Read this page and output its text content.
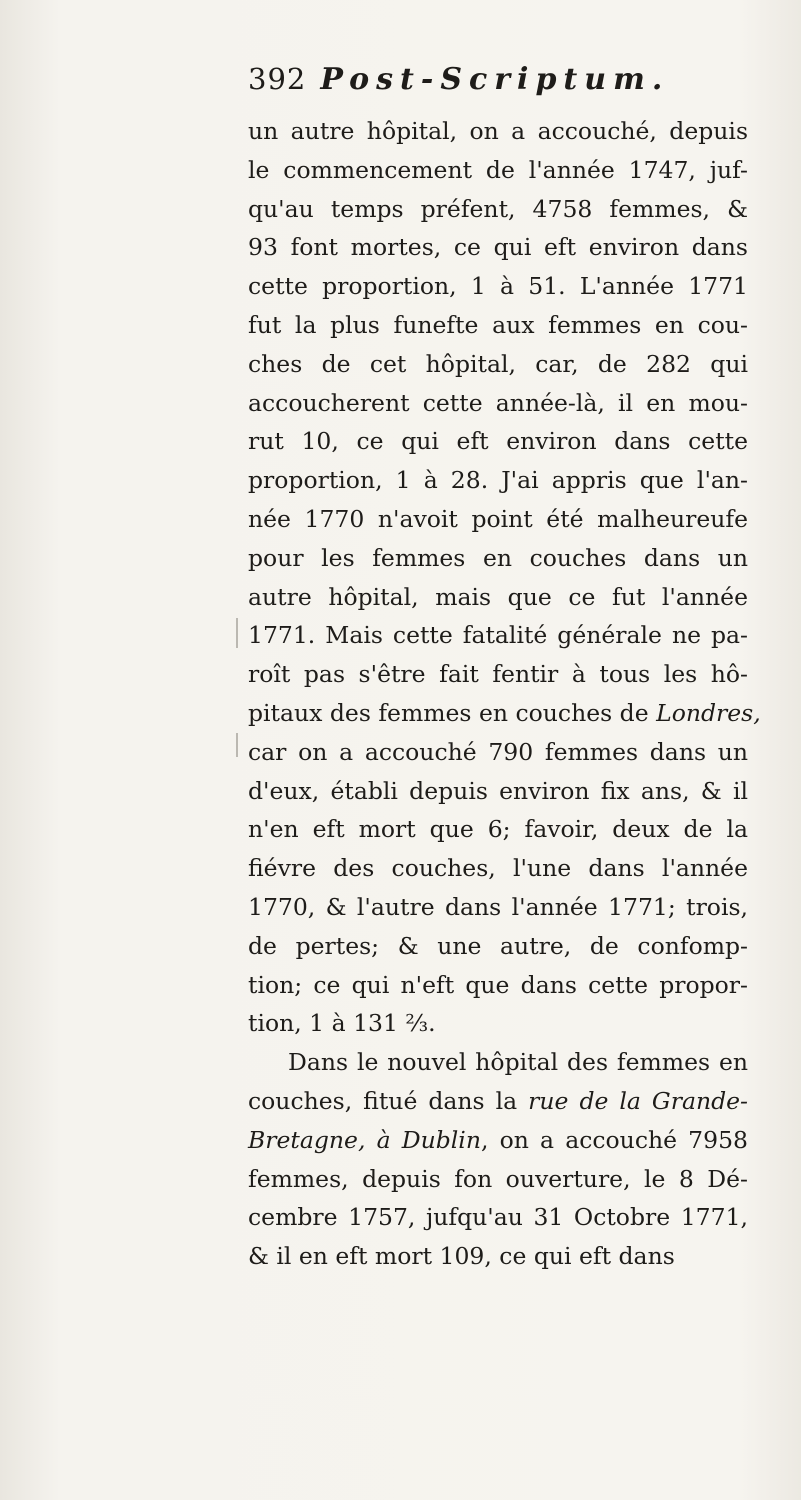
392 Post-Scriptum.
un autre hôpital, on a accouché, depuis
le commencement de l'année 1747, juf-
qu'au temps préfent, 4758 femmes, &
93 font mortes, ce qui eft environ dans
cette proportion, 1 à 51. L'année 1771
fut la plus funefte aux femmes en cou-
ches de cet hôpital, car, de 282 qui
accoucherent cette année-là, il en mou-
rut 10, ce qui eft environ dans cette
proportion, 1 à 28. J'ai appris que l'an-
née 1770 n'avoit point été malheureufe
pour les femmes en couches dans un
autre hôpital, mais que ce fut l'année
1771. Mais cette fatalité générale ne pa-
roît pas s'être fait fentir à tous les hô-
pitaux des femmes en couches de Londres,
car on a accouché 790 femmes dans un
d'eux, établi depuis environ fix ans, & il
n'en eft mort que 6; favoir, deux de la
fiévre des couches, l'une dans l'année
1770, & l'autre dans l'année 1771; trois,
de pertes; & une autre, de confomp-
tion; ce qui n'eft que dans cette propor-
tion, 1 à 131 ⅔.
Dans le nouvel hôpital des femmes en
couches, fitué dans la rue de la Grande-
Bretagne, à Dublin, on a accouché 7958
femmes, depuis fon ouverture, le 8 Dé-
cembre 1757, jufqu'au 31 Octobre 1771,
& il en eft mort 109, ce qui eft dans
